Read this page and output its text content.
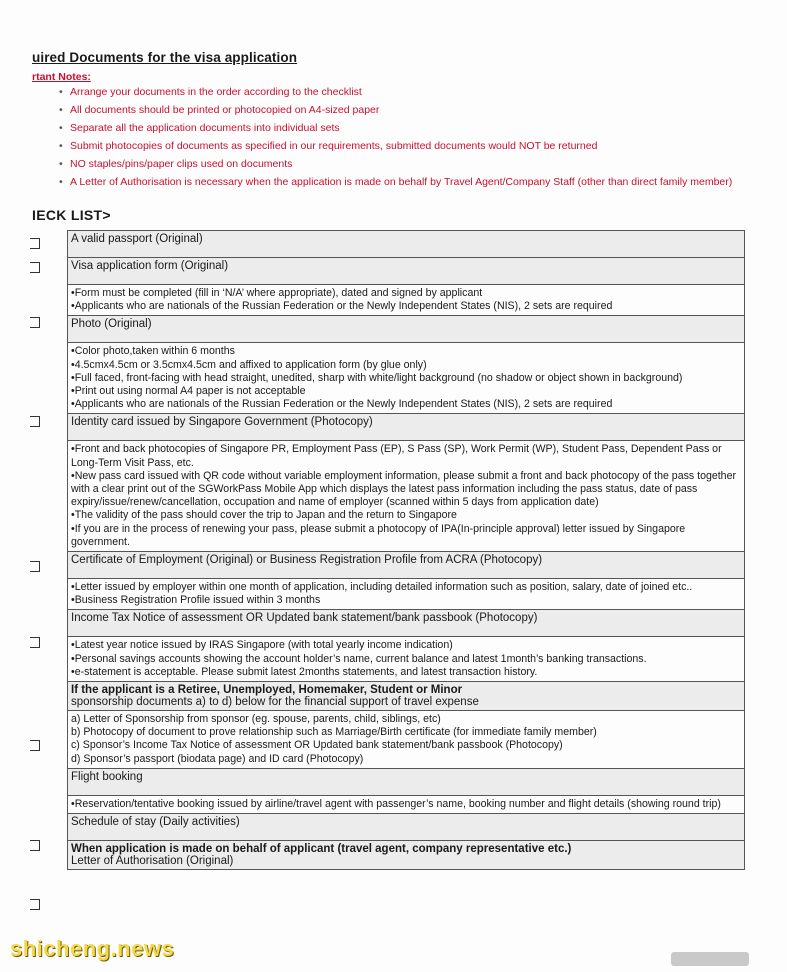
uired Documents for the visa application
rtant Notes:
• Arrange your documents in the order according to the checklist
• All documents should be printed or photocopied on A4-sized paper
• Separate all the application documents into individual sets
• Submit photocopies of documents as specified in our requirements, submitted documents would NOT be returned
• NO staples/pins/paper clips used on documents
• A Letter of Authorisation is necessary when the application is made on behalf by Travel Agent/Company Staff (other than direct family member)
IECK LIST>
A valid passport (Original)
Visa application form (Original)

•Form must be completed (fill in ‘N/A’ where appropriate), dated and signed by applicant
•Applicants who are nationals of the Russian Federation or the Newly Independent States (NIS), 2 sets are required

Photo (Original)

•Color photo,taken within 6 months
•4.5cmx4.5cm or 3.5cmx4.5cm and affixed to application form (by glue only)
•Full faced, front-facing with head straight, unedited, sharp with white/light background (no shadow or object shown in background)
•Print out using normal A4 paper is not acceptable
•Applicants who are nationals of the Russian Federation or the Newly Independent States (NIS), 2 sets are required

Identity card issued by Singapore Government (Photocopy)

•Front and back photocopies of Singapore PR, Employment Pass (EP), S Pass (SP), Work Permit (WP), Student Pass, Dependent Pass or Long-Term Visit Pass, etc.
•New pass card issued with QR code without variable employment information, please submit a front and back photocopy of the pass together with a clear print out of the SGWorkPass Mobile App which displays the latest pass information including the pass status, date of pass expiry/issue/renew/cancellation, occupation and name of employer (scanned within 5 days from application date)
•The validity of the pass should cover the trip to Japan and the return to Singapore
•If you are in the process of renewing your pass, please submit a photocopy of IPA(In-principle approval) letter issued by Singapore government.

Certificate of Employment (Original) or Business Registration Profile from ACRA (Photocopy)

•Letter issued by employer within one month of application, including detailed information such as position, salary, date of joined etc..
•Business Registration Profile issued within 3 months

Income Tax Notice of assessment OR Updated bank statement/bank passbook (Photocopy)

•Latest year notice issued by IRAS Singapore (with total yearly income indication)
•Personal savings accounts showing the account holder’s name, current balance and latest 1month’s banking transactions.
•e-statement is acceptable. Please submit latest 2months statements, and latest transaction history.

If the applicant is a Retiree, Unemployed, Homemaker, Student or Minor
sponsorship documents a) to d) below for the financial support of travel expense

a) Letter of Sponsorship from sponsor (eg. spouse, parents, child, siblings, etc)
b) Photocopy of document to prove relationship such as Marriage/Birth certificate (for immediate family member)
c) Sponsor’s Income Tax Notice of assessment OR Updated bank statement/bank passbook (Photocopy)
d) Sponsor’s passport (biodata page) and ID card (Photocopy)

Flight booking

•Reservation/tentative booking issued by airline/travel agent with passenger’s name, booking number and flight details (showing round trip)

Schedule of stay (Daily activities)
When application is made on behalf of applicant (travel agent, company representative etc.)
Letter of Authorisation (Original)
shicheng.news
